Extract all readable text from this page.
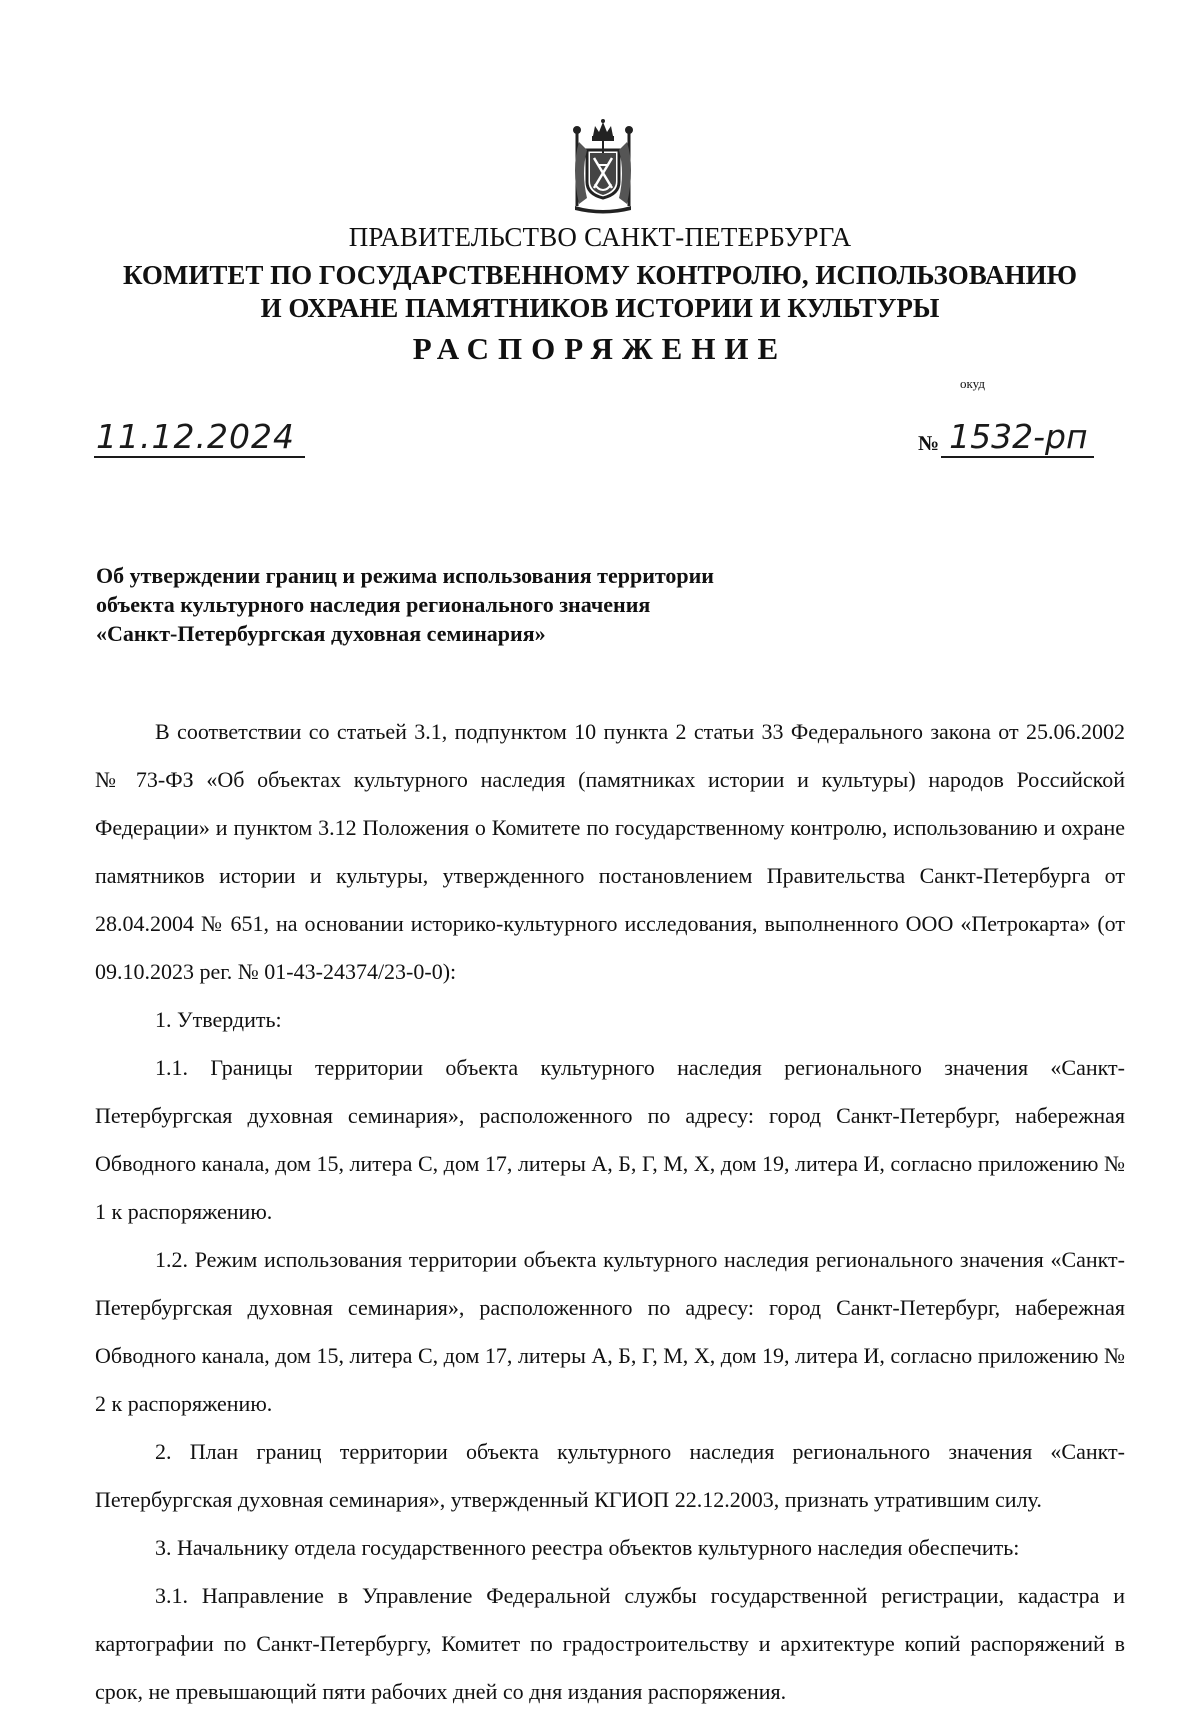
ПРАВИТЕЛЬСТВО САНКТ-ПЕТЕРБУРГА
КОМИТЕТ ПО ГОСУДАРСТВЕННОМУ КОНТРОЛЮ, ИСПОЛЬЗОВАНИЮ
И ОХРАНЕ ПАМЯТНИКОВ ИСТОРИИ И КУЛЬТУРЫ
РАСПОРЯЖЕНИЕ
окуд
11.12.2024	№ 1532-рп
Об утверждении границ и режима использования территории
объекта культурного наследия регионального значения
«Санкт-Петербургская духовная семинария»

В соответствии со статьей 3.1, подпунктом 10 пункта 2 статьи 33 Федерального закона от 25.06.2002 № 73-ФЗ «Об объектах культурного наследия (памятниках истории и культуры) народов Российской Федерации» и пунктом 3.12 Положения о Комитете по государственному контролю, использованию и охране памятников истории и культуры, утвержденного постановлением Правительства Санкт-Петербурга от 28.04.2004 № 651, на основании историко-культурного исследования, выполненного ООО «Петрокарта» (от 09.10.2023 рег. № 01-43-24374/23-0-0):

1. Утвердить:

1.1. Границы территории объекта культурного наследия регионального значения «Санкт-Петербургская духовная семинария», расположенного по адресу: город Санкт-Петербург, набережная Обводного канала, дом 15, литера С, дом 17, литеры А, Б, Г, М, Х, дом 19, литера И, согласно приложению № 1 к распоряжению.

1.2. Режим использования территории объекта культурного наследия регионального значения «Санкт-Петербургская духовная семинария», расположенного по адресу: город Санкт-Петербург, набережная Обводного канала, дом 15, литера С, дом 17, литеры А, Б, Г, М, Х, дом 19, литера И, согласно приложению № 2 к распоряжению.

2. План границ территории объекта культурного наследия регионального значения «Санкт-Петербургская духовная семинария», утвержденный КГИОП 22.12.2003, признать утратившим силу.

3. Начальнику отдела государственного реестра объектов культурного наследия обеспечить:

3.1. Направление в Управление Федеральной службы государственной регистрации, кадастра и картографии по Санкт-Петербургу, Комитет по градостроительству и архитектуре копий распоряжений в срок, не превышающий пяти рабочих дней со дня издания распоряжения.
